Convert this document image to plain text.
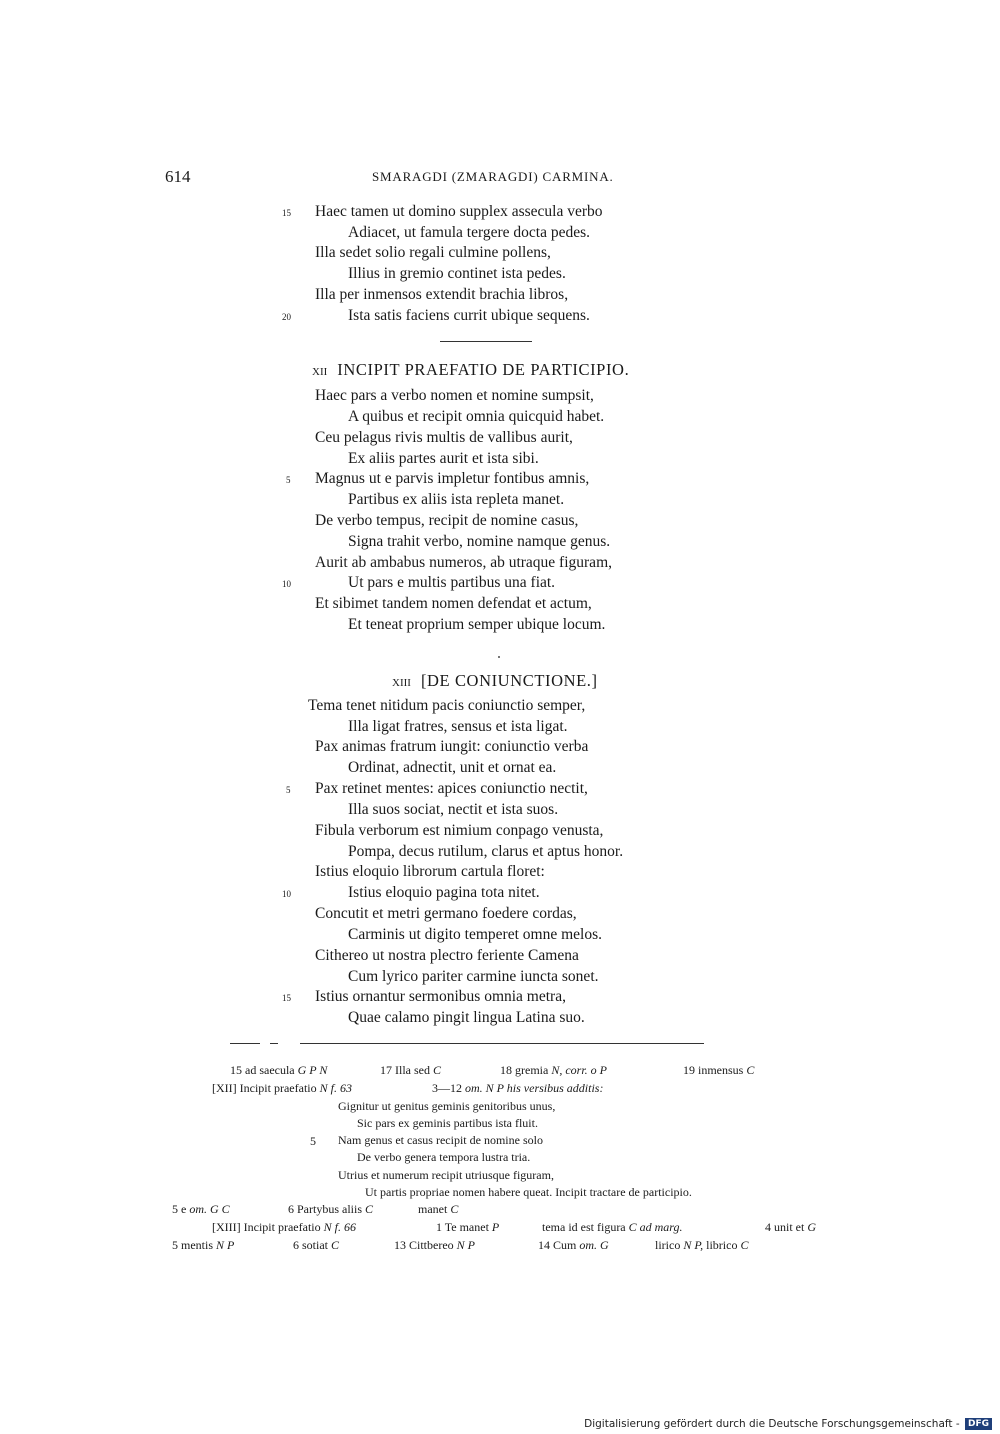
614	SMARAGDI (ZMARAGDI) CARMINA.
15 Haec tamen ut domino supplex assecula verbo
Adiacet, ut famula tergere docta pedes.
Illa sedet solio regali culmine pollens,
Illius in gremio continet ista pedes.
Illa per inmensos extendit brachia libros,
20	Ista satis faciens currit ubique sequens.
XII INCIPIT PRAEFATIO DE PARTICIPIO.
Haec pars a verbo nomen et nomine sumpsit,
A quibus et recipit omnia quicquid habet.
Ceu pelagus rivis multis de vallibus aurit,
Ex aliis partes aurit et ista sibi.
5 Magnus ut e parvis impletur fontibus amnis,
Partibus ex aliis ista repleta manet.
De verbo tempus, recipit de nomine casus,
Signa trahit verbo, nomine namque genus.
Aurit ab ambabus numeros, ab utraque figuram,
10	Ut pars e multis partibus una fiat.
Et sibimet tandem nomen defendat et actum,
Et teneat proprium semper ubique locum.
XIII [DE CONIUNCTIONE.]
Tema tenet nitidum pacis coniunctio semper,
Illa ligat fratres, sensus et ista ligat.
Pax animas fratrum iungit: coniunctio verba
Ordinat, adnectit, unit et ornat ea.
5 Pax retinet mentes: apices coniunctio nectit,
Illa suos sociat, nectit et ista suos.
Fibula verborum est nimium conpago venusta,
Pompa, decus rutilum, clarus et aptus honor.
Istius eloquio librorum cartula floret:
10	Istius eloquio pagina tota nitet.
Concutit et metri germano foedere cordas,
Carminis ut digito temperet omne melos.
Cithereo ut nostra plectro feriente Camena
Cum lyrico pariter carmine iuncta sonet.
15 Istius ornantur sermonibus omnia metra,
Quae calamo pingit lingua Latina suo.
15 ad saecula G P N	17 Illa sed C	18 gremia N, corr. o P	19 inmensus C
[XII] Incipit praefatio N f. 63	3—12 om. N P his versibus additis:
Gignitur ut genitus geminis genitoribus unus,
Sic pars ex geminis partibus ista fluit.
5 Nam genus et casus recipit de nomine solo
De verbo genera tempora lustra tria.
Utrius et numerum recipit utriusque figuram,
Ut partis propriae nomen habere queat. Incipit tractare de participio.
5 e om. G C	6 Partybus aliis C	manet C
[XIII] Incipit praefatio N f. 66	1 Te manet P	tema id est figura C ad marg.	4 unit et G
5 mentis N P	6 sotiat C	13 Cittbereo N P	14 Cum om. G	lirico N P, librico C
Digitalisierung gefördert durch die Deutsche Forschungsgemeinschaft - DFG
